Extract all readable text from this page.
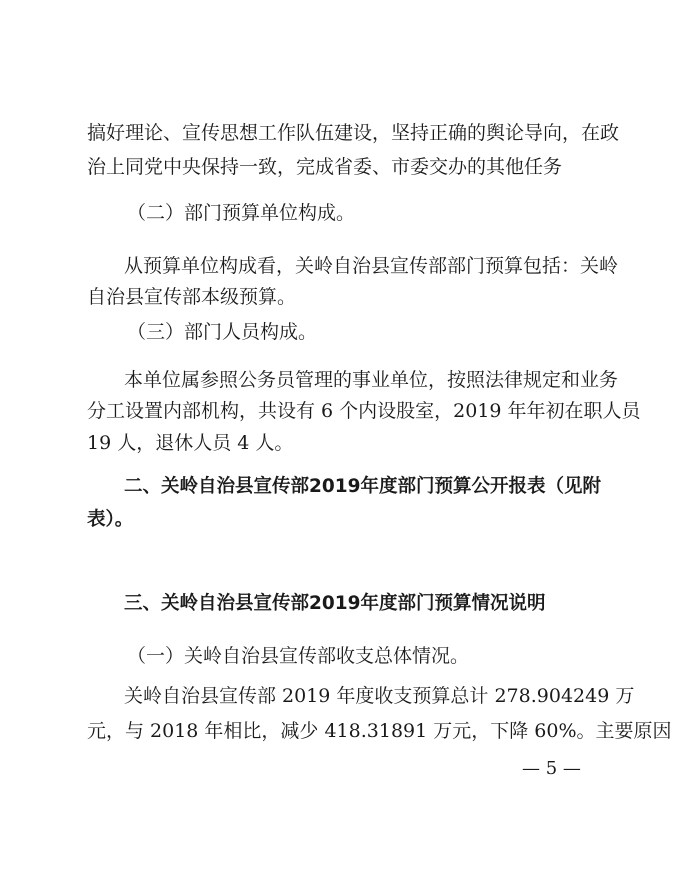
搞好理论、宣传思想工作队伍建设，坚持正确的舆论导向，在政
治上同党中央保持一致，完成省委、市委交办的其他任务
（二）部门预算单位构成。
从预算单位构成看，关岭自治县宣传部部门预算包括：关岭
自治县宣传部本级预算。
（三）部门人员构成。
本单位属参照公务员管理的事业单位，按照法律规定和业务
分工设置内部机构，共设有 6 个内设股室，2019 年年初在职人员
19 人，退休人员 4 人。
二、关岭自治县宣传部2019年度部门预算公开报表（见附
表）。
三、关岭自治县宣传部2019年度部门预算情况说明
（一）关岭自治县宣传部收支总体情况。
关岭自治县宣传部 2019 年度收支预算总计 278.904249 万
元，与 2018 年相比，减少 418.31891 万元，下降 60%。主要原因
— 5 —
